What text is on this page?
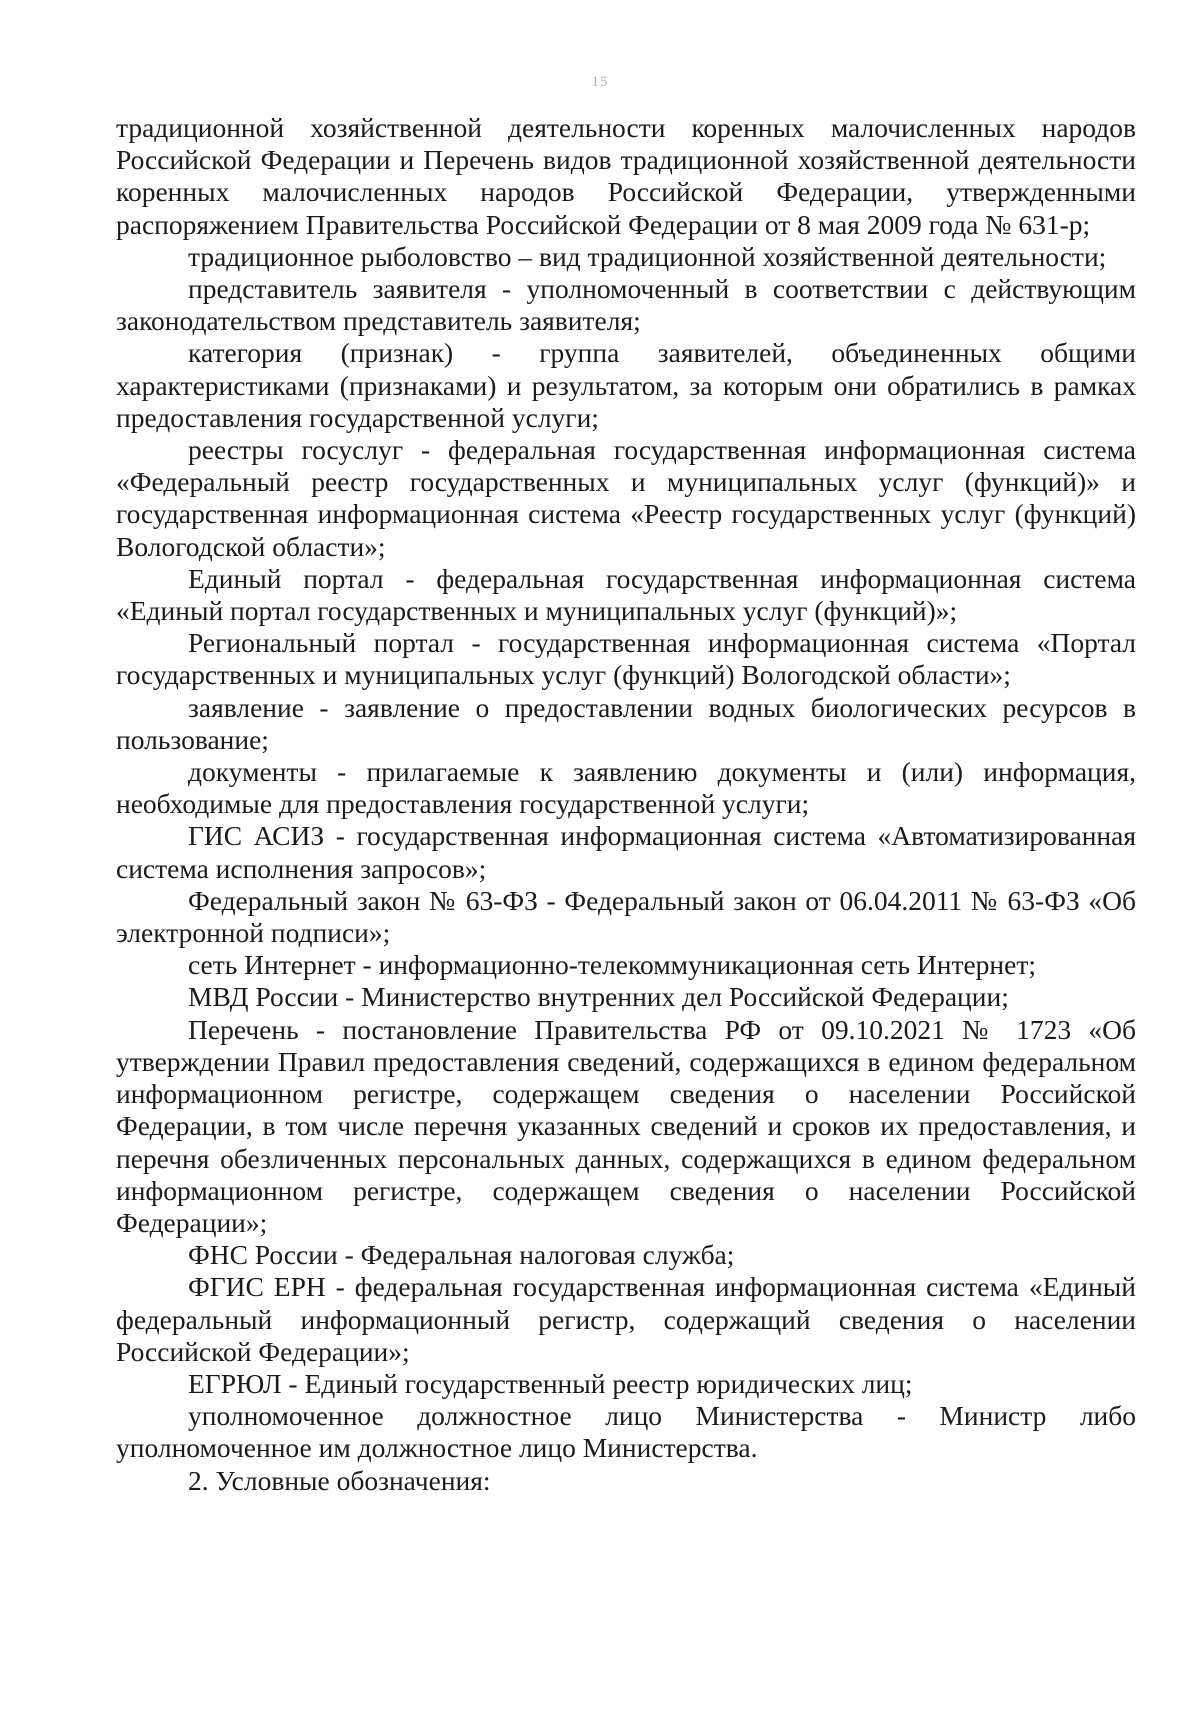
15

традиционной хозяйственной деятельности коренных малочисленных народов Российской Федерации и Перечень видов традиционной хозяйственной деятельности коренных малочисленных народов Российской Федерации, утвержденными распоряжением Правительства Российской Федерации от 8 мая 2009 года № 631-р;

традиционное рыболовство – вид традиционной хозяйственной деятельности;

представитель заявителя - уполномоченный в соответствии с действующим законодательством представитель заявителя;

категория (признак) - группа заявителей, объединенных общими характеристиками (признаками) и результатом, за которым они обратились в рамках предоставления государственной услуги;

реестры госуслуг - федеральная государственная информационная система «Федеральный реестр государственных и муниципальных услуг (функций)» и государственная информационная система «Реестр государственных услуг (функций) Вологодской области»;

Единый портал - федеральная государственная информационная система «Единый портал государственных и муниципальных услуг (функций)»;

Региональный портал - государственная информационная система «Портал государственных и муниципальных услуг (функций) Вологодской области»;

заявление - заявление о предоставлении водных биологических ресурсов в пользование;

документы - прилагаемые к заявлению документы и (или) информация, необходимые для предоставления государственной услуги;

ГИС АСИЗ - государственная информационная система «Автоматизированная система исполнения запросов»;

Федеральный закон № 63-ФЗ - Федеральный закон от 06.04.2011 № 63-ФЗ «Об электронной подписи»;

сеть Интернет - информационно-телекоммуникационная сеть Интернет;

МВД России - Министерство внутренних дел Российской Федерации;

Перечень - постановление Правительства РФ от 09.10.2021 № 1723 «Об утверждении Правил предоставления сведений, содержащихся в едином федеральном информационном регистре, содержащем сведения о населении Российской Федерации, в том числе перечня указанных сведений и сроков их предоставления, и перечня обезличенных персональных данных, содержащихся в едином федеральном информационном регистре, содержащем сведения о населении Российской Федерации»;

ФНС России - Федеральная налоговая служба;

ФГИС ЕРН - федеральная государственная информационная система «Единый федеральный информационный регистр, содержащий сведения о населении Российской Федерации»;

ЕГРЮЛ - Единый государственный реестр юридических лиц;

уполномоченное должностное лицо Министерства - Министр либо уполномоченное им должностное лицо Министерства.

2. Условные обозначения:
